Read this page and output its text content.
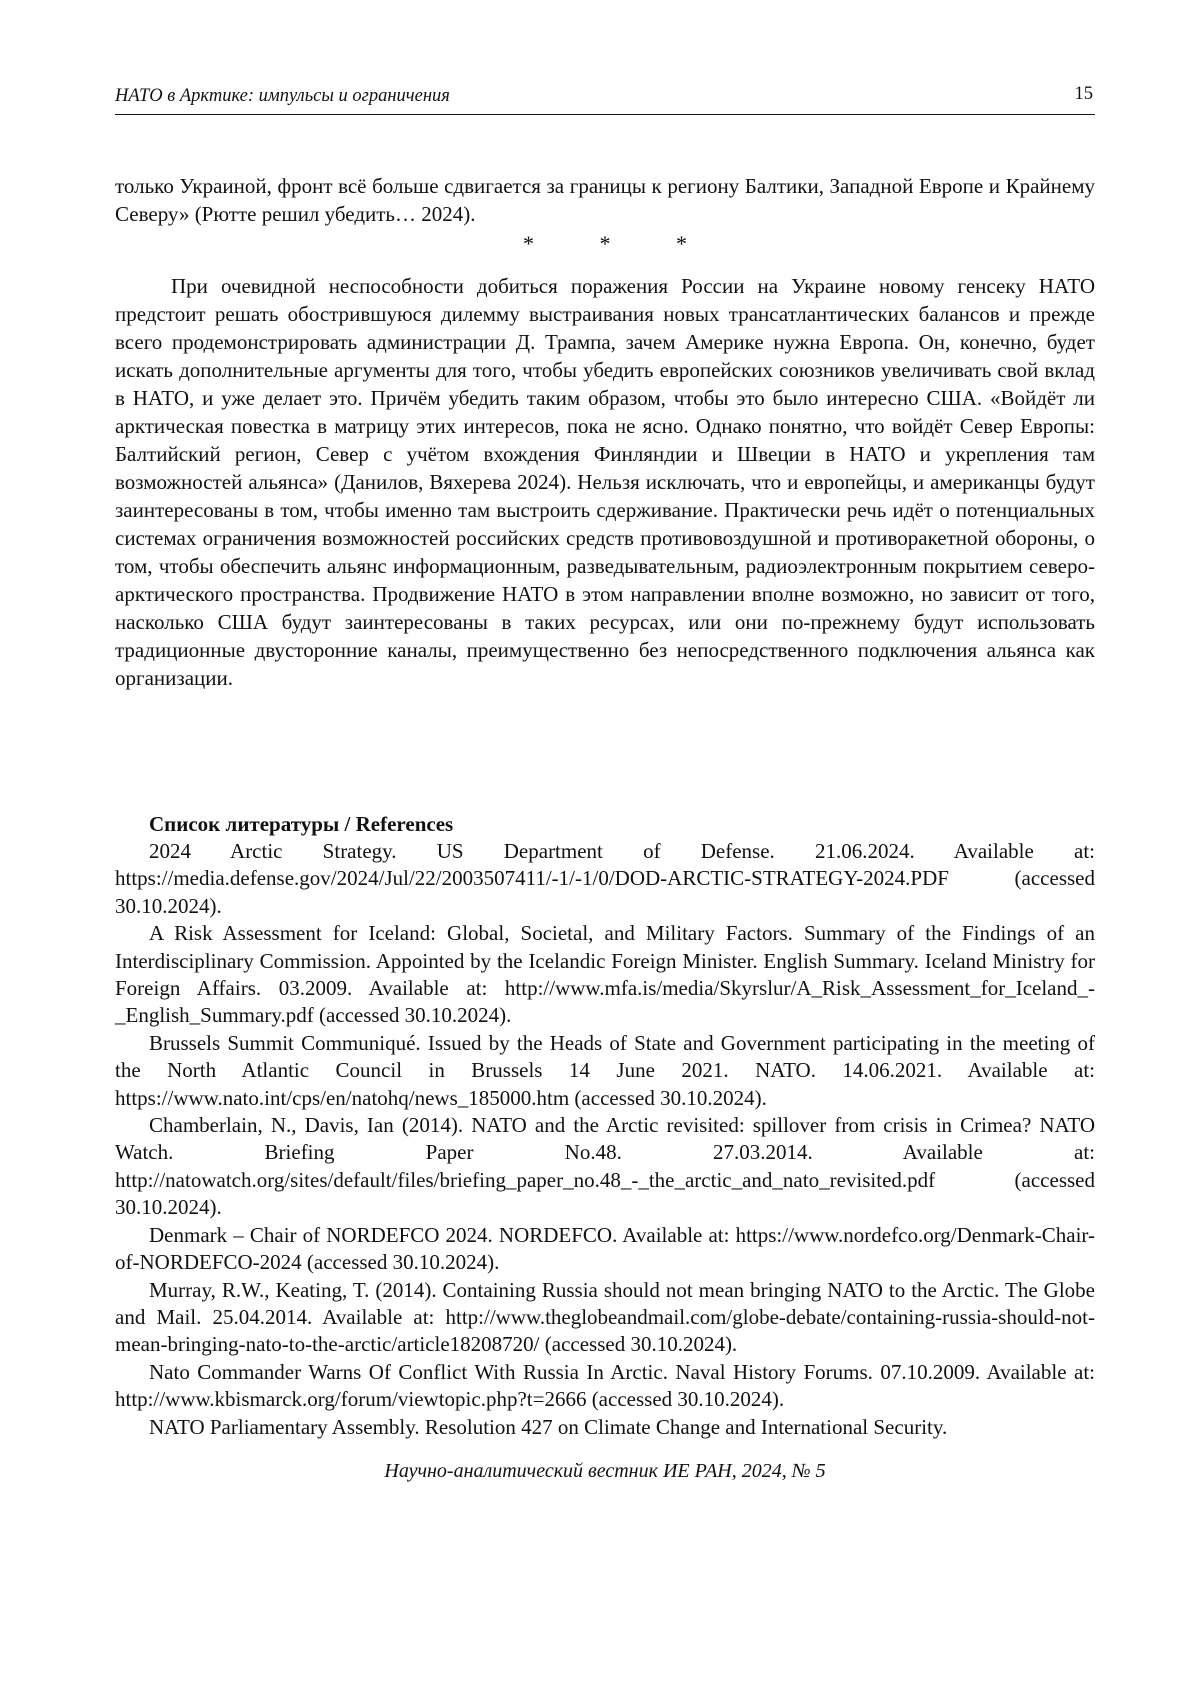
НАТО в Арктике: импульсы и ограничения	15

только Украиной, фронт всё больше сдвигается за границы к региону Балтики, Западной Европе и Крайнему Северу» (Рютте решил убедить… 2024).

*	*	*

При очевидной неспособности добиться поражения России на Украине новому генсеку НАТО предстоит решать обострившуюся дилемму выстраивания новых трансатлантических балансов и прежде всего продемонстрировать администрации Д. Трампа, зачем Америке нужна Европа. Он, конечно, будет искать дополнительные аргументы для того, чтобы убедить европейских союзников увеличивать свой вклад в НАТО, и уже делает это. Причём убедить таким образом, чтобы это было интересно США. «Войдёт ли арктическая повестка в матрицу этих интересов, пока не ясно. Однако понятно, что войдёт Север Европы: Балтийский регион, Север с учётом вхождения Финляндии и Швеции в НАТО и укрепления там возможностей альянса» (Данилов, Вяхерева 2024). Нельзя исключать, что и европейцы, и американцы будут заинтересованы в том, чтобы именно там выстроить сдерживание. Практически речь идёт о потенциальных системах ограничения возможностей российских средств противовоздушной и противоракетной обороны, о том, чтобы обеспечить альянс информационным, разведывательным, радиоэлектронным покрытием северо-арктического пространства. Продвижение НАТО в этом направлении вполне возможно, но зависит от того, насколько США будут заинтересованы в таких ресурсах, или они по-прежнему будут использовать традиционные двусторонние каналы, преимущественно без непосредственного подключения альянса как организации.

Список литературы / References

2024 Arctic Strategy. US Department of Defense. 21.06.2024. Available at: https://media.defense.gov/2024/Jul/22/2003507411/-1/-1/0/DOD-ARCTIC-STRATEGY-2024.PDF (accessed 30.10.2024).

A Risk Assessment for Iceland: Global, Societal, and Military Factors. Summary of the Findings of an Interdisciplinary Commission. Appointed by the Icelandic Foreign Minister. English Summary. Iceland Ministry for Foreign Affairs. 03.2009. Available at: http://www.mfa.is/media/Skyrslur/A_Risk_Assessment_for_Iceland_-_English_Summary.pdf (accessed 30.10.2024).

Brussels Summit Communiqué. Issued by the Heads of State and Government participating in the meeting of the North Atlantic Council in Brussels 14 June 2021. NATO. 14.06.2021. Available at: https://www.nato.int/cps/en/natohq/news_185000.htm (accessed 30.10.2024).

Chamberlain, N., Davis, Ian (2014). NATO and the Arctic revisited: spillover from crisis in Crimea? NATO Watch. Briefing Paper No.48. 27.03.2014. Available at: http://natowatch.org/sites/default/files/briefing_paper_no.48_-_the_arctic_and_nato_revisited.pdf (accessed 30.10.2024).

Denmark – Chair of NORDEFCO 2024. NORDEFCO. Available at: https://www.nordefco.org/Denmark-Chair-of-NORDEFCO-2024 (accessed 30.10.2024).

Murray, R.W., Keating, T. (2014). Containing Russia should not mean bringing NATO to the Arctic. The Globe and Mail. 25.04.2014. Available at: http://www.theglobeandmail.com/globe-debate/containing-russia-should-not-mean-bringing-nato-to-the-arctic/article18208720/ (accessed 30.10.2024).

Nato Commander Warns Of Conflict With Russia In Arctic. Naval History Forums. 07.10.2009. Available at: http://www.kbismarck.org/forum/viewtopic.php?t=2666 (accessed 30.10.2024).

NATO Parliamentary Assembly. Resolution 427 on Climate Change and International Security.

Научно-аналитический вестник ИЕ РАН, 2024, № 5
